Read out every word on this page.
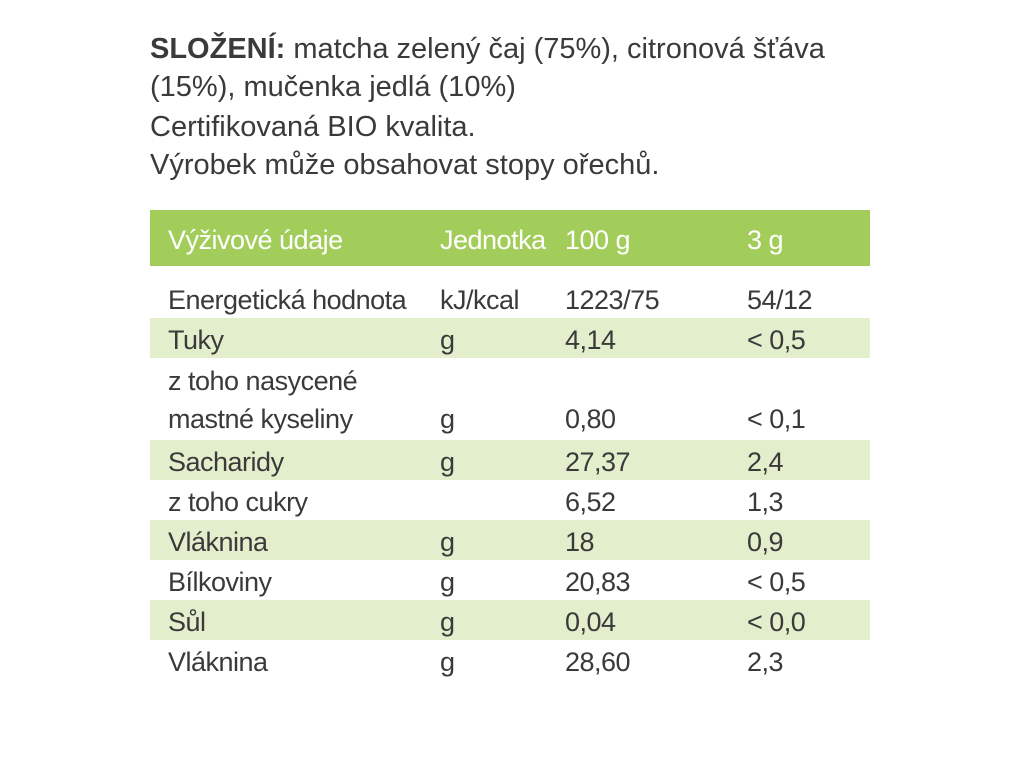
SLOŽENÍ: matcha zelený čaj (75%), citronová šťáva (15%), mučenka jedlá (10%)

Certifikovaná BIO kvalita.

Výrobek může obsahovat stopy ořechů.

Výživové údaje	Jednotka	100 g	3 g
Energetická hodnota	kJ/kcal	1223/75	54/12
Tuky	g	4,14	< 0,5
z toho nasycené mastné kyseliny	g	0,80	< 0,1
Sacharidy	g	27,37	2,4
z toho cukry		6,52	1,3
Vláknina	g	18	0,9
Bílkoviny	g	20,83	< 0,5
Sůl	g	0,04	< 0,0
Vláknina	g	28,60	2,3
